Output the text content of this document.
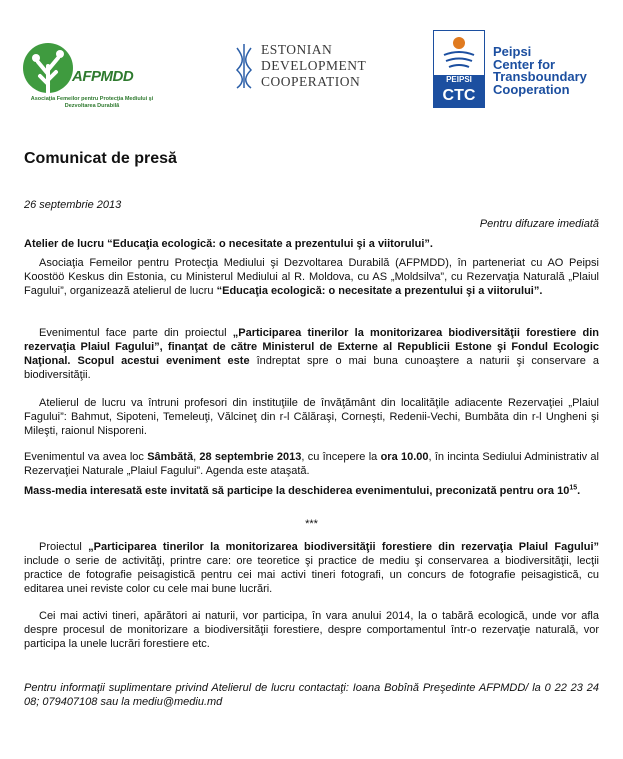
AFPMDD
Asociaţia Femeilor pentru Protecţia Mediului şi Dezvoltarea Durabilă
ESTONIAN
DEVELOPMENT
COOPERATION	PEIPSI
CTC
Peipsi
Center for
Transboundary
Cooperation
Comunicat de presă
26 septembrie 2013
Pentru difuzare imediată
Atelier de lucru “Educaţia ecologică: o necesitate a prezentului şi a viitorului”.
Asociaţia Femeilor pentru Protecţia Mediului şi Dezvoltarea Durabilă (AFPMDD), în parteneriat cu AO Peipsi Koostöö Keskus din Estonia, cu Ministerul Mediului al R. Moldova, cu AS „Moldsilva”, cu Rezervaţia Naturală „Plaiul Fagului”, organizează atelierul de lucru “Educaţia ecologică: o necesitate a prezentului şi a viitorului”.
Evenimentul face parte din proiectul „Participarea tinerilor la monitorizarea biodiversităţii forestiere din rezervaţia Plaiul Fagului”, finanţat de către Ministerul de Externe al Republicii Estone şi Fondul Ecologic Naţional. Scopul acestui eveniment este îndreptat spre o mai buna cunoaştere a naturii şi conservare a biodiversităţii.
Atelierul de lucru va întruni profesori din instituţiile de învăţământ din localităţile adiacente Rezervaţiei „Plaiul Fagului”: Bahmut, Sipoteni, Temeleuţi, Vălcineţ din r-l Călăraşi, Corneşti, Redenii-Vechi, Bumbăta din r-l Ungheni şi Mileşti, raionul Nisporeni.
Evenimentul va avea loc Sâmbătă, 28 septembrie 2013, cu începere la ora 10.00, în incinta Sediului Administrativ al Rezervaţiei Naturale „Plaiul Fagului”. Agenda este ataşată.
Mass-media interesată este invitată să participe la deschiderea evenimentului, preconizată pentru ora $10^{15}$.
***
Proiectul „Participarea tinerilor la monitorizarea biodiversităţii forestiere din rezervaţia Plaiul Fagului” include o serie de activităţi, printre care: ore teoretice şi practice de mediu şi conservarea a biodiversităţii, lecţii practice de fotografie peisagistică pentru cei mai activi tineri fotografi, un concurs de fotografie peisagistică, cu editarea unei reviste color cu cele mai bune lucrări.
Cei mai activi tineri, apărători ai naturii, vor participa, în vara anului 2014, la o tabără ecologică, unde vor afla despre procesul de monitorizare a biodiversităţii forestiere, despre comportamentul într-o rezervaţie naturală, vor participa la unele lucrări forestiere etc.
Pentru informaţii suplimentare privind Atelierul de lucru contactaţi: Ioana Bobînă Preşedinte AFPMDD/ la 0 22 23 24 08; 079407108 sau la mediu@mediu.md
